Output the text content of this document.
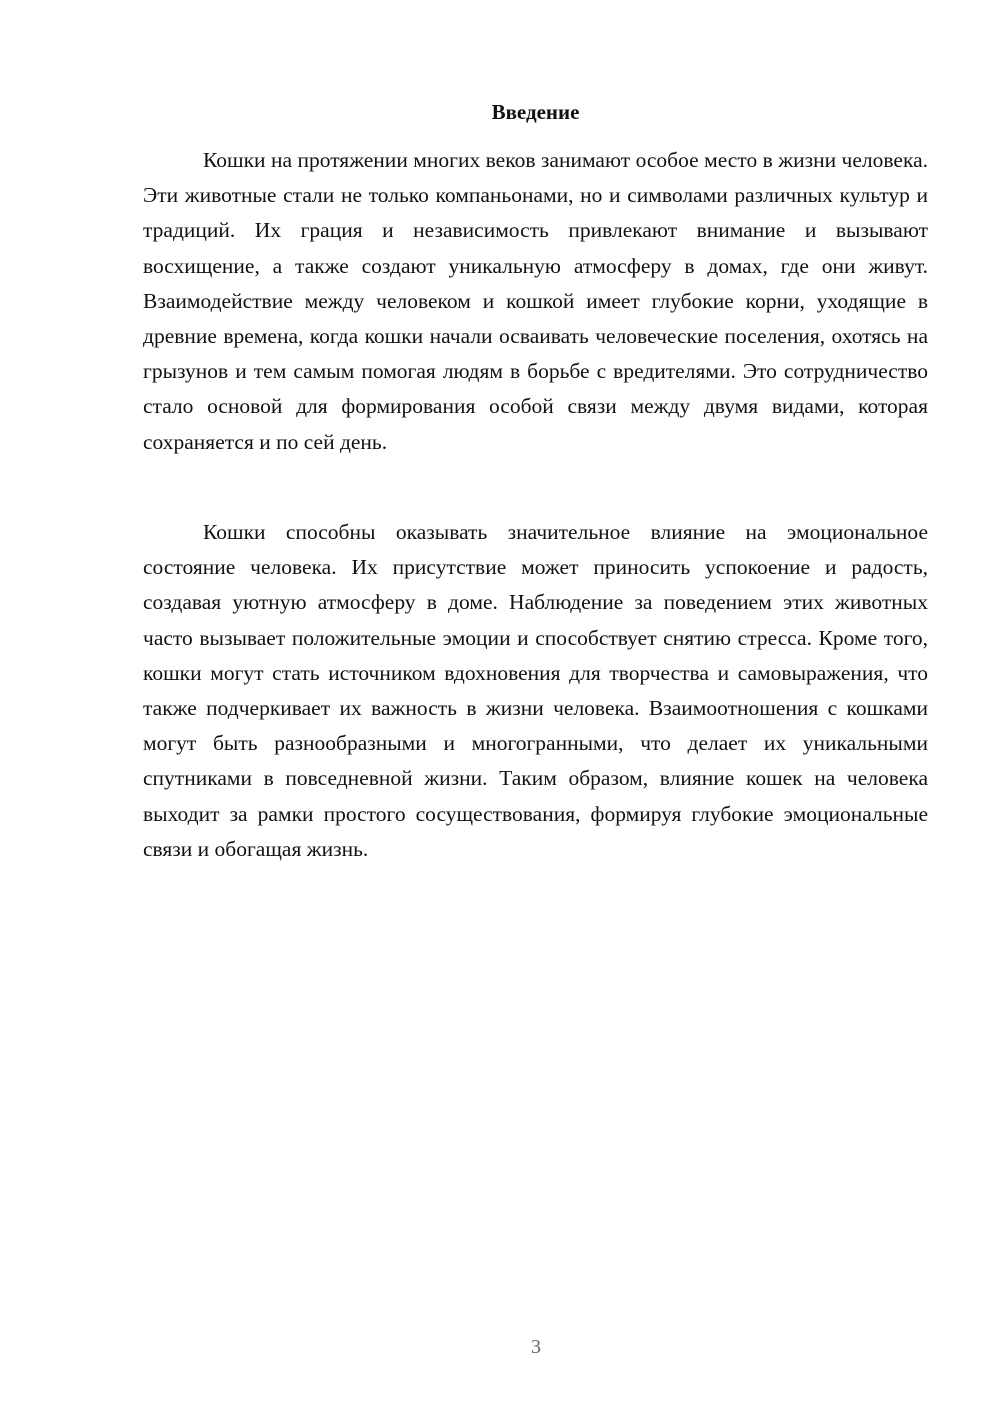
Введение

Кошки на протяжении многих веков занимают особое место в жизни человека. Эти животные стали не только компаньонами, но и символами различных культур и традиций. Их грация и независимость привлекают внимание и вызывают восхищение, а также создают уникальную атмосферу в домах, где они живут. Взаимодействие между человеком и кошкой имеет глубокие корни, уходящие в древние времена, когда кошки начали осваивать человеческие поселения, охотясь на грызунов и тем самым помогая людям в борьбе с вредителями. Это сотрудничество стало основой для формирования особой связи между двумя видами, которая сохраняется и по сей день.

Кошки способны оказывать значительное влияние на эмоциональное состояние человека. Их присутствие может приносить успокоение и радость, создавая уютную атмосферу в доме. Наблюдение за поведением этих животных часто вызывает положительные эмоции и способствует снятию стресса. Кроме того, кошки могут стать источником вдохновения для творчества и самовыражения, что также подчеркивает их важность в жизни человека. Взаимоотношения с кошками могут быть разнообразными и многогранными, что делает их уникальными спутниками в повседневной жизни. Таким образом, влияние кошек на человека выходит за рамки простого сосуществования, формируя глубокие эмоциональные связи и обогащая жизнь.

3
